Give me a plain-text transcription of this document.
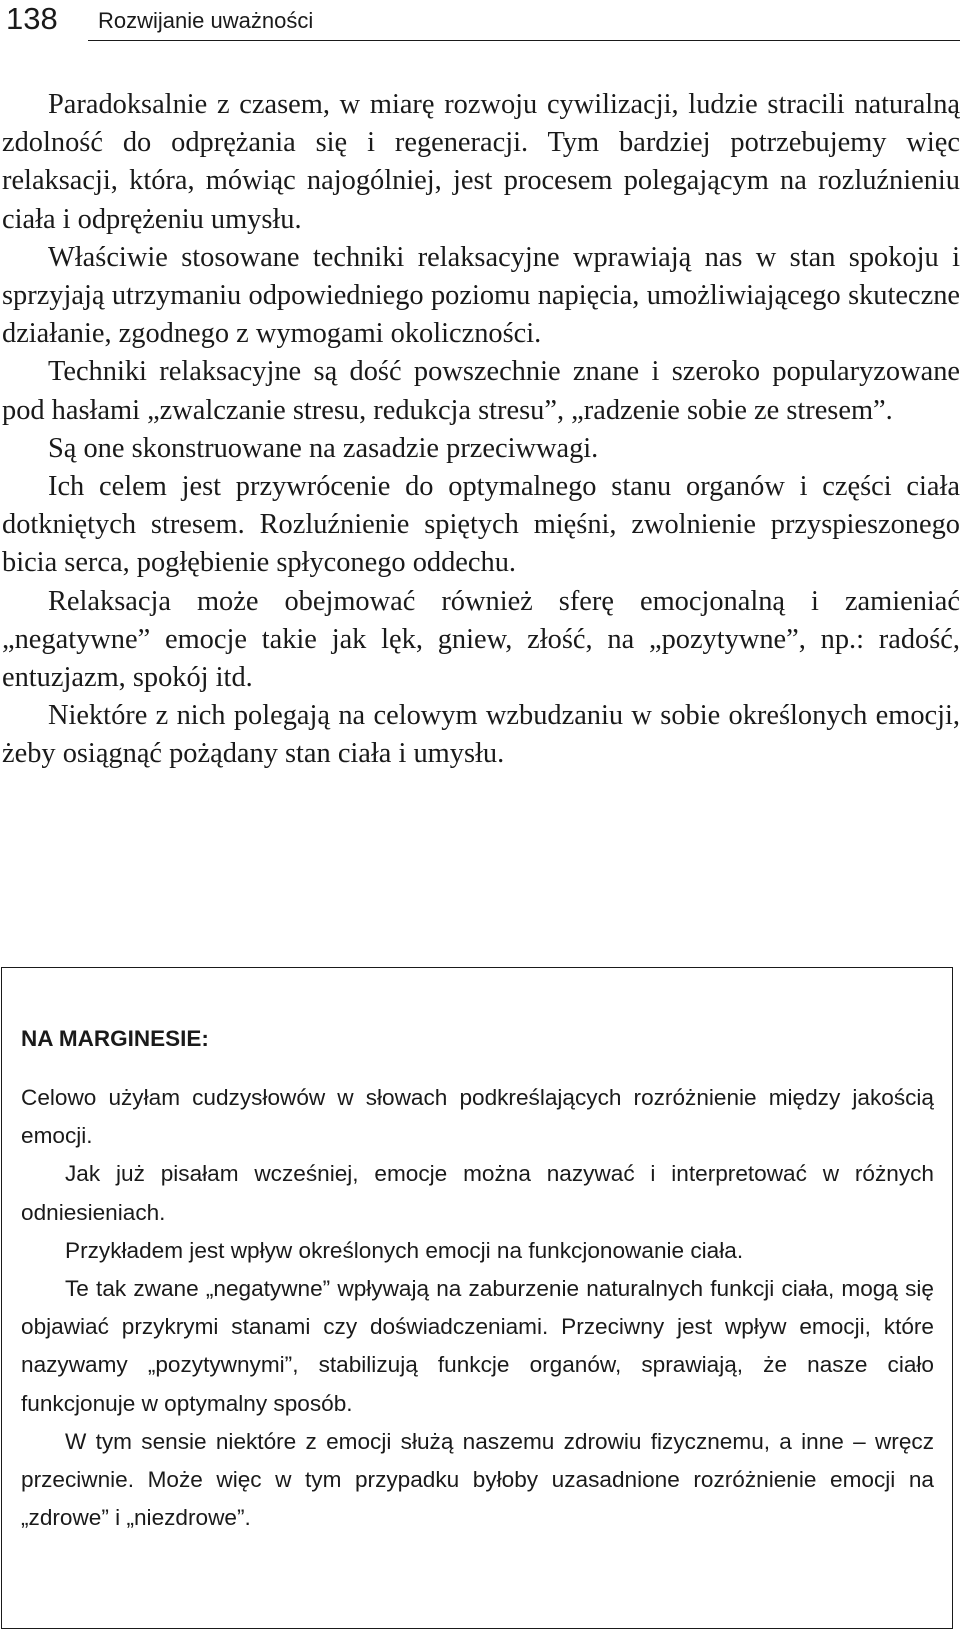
138 Rozwijanie uważności

Paradoksalnie z czasem, w miarę rozwoju cywilizacji, ludzie stracili naturalną zdolność do odprężania się i regeneracji. Tym bardziej potrzebujemy więc relaksacji, która, mówiąc najogólniej, jest procesem polegającym na rozluźnieniu ciała i odprężeniu umysłu.

Właściwie stosowane techniki relaksacyjne wprawiają nas w stan spokoju i sprzyjają utrzymaniu odpowiedniego poziomu napięcia, umożliwiającego skuteczne działanie, zgodnego z wymogami okoliczności.

Techniki relaksacyjne są dość powszechnie znane i szeroko popularyzowane pod hasłami „zwalczanie stresu, redukcja stresu”, „radzenie sobie ze stresem”.

Są one skonstruowane na zasadzie przeciwwagi.

Ich celem jest przywrócenie do optymalnego stanu organów i części ciała dotkniętych stresem. Rozluźnienie spiętych mięśni, zwolnienie przyspieszonego bicia serca, pogłębienie spłyconego oddechu.

Relaksacja może obejmować również sferę emocjonalną i zamieniać „negatywne” emocje takie jak lęk, gniew, złość, na „pozytywne”, np.: radość, entuzjazm, spokój itd.

Niektóre z nich polegają na celowym wzbudzaniu w sobie określonych emocji, żeby osiągnąć pożądany stan ciała i umysłu.

NA MARGINESIE:

Celowo użyłam cudzysłowów w słowach podkreślających rozróżnienie między jakością emocji.

Jak już pisałam wcześniej, emocje można nazywać i interpretować w różnych odniesieniach.

Przykładem jest wpływ określonych emocji na funkcjonowanie ciała.

Te tak zwane „negatywne” wpływają na zaburzenie naturalnych funkcji ciała, mogą się objawiać przykrymi stanami czy doświadczeniami. Przeciwny jest wpływ emocji, które nazywamy „pozytywnymi”, stabilizują funkcje organów, sprawiają, że nasze ciało funkcjonuje w optymalny sposób.

W tym sensie niektóre z emocji służą naszemu zdrowiu fizycznemu, a inne – wręcz przeciwnie. Może więc w tym przypadku byłoby uzasadnione rozróżnienie emocji na „zdrowe” i „niezdrowe”.
